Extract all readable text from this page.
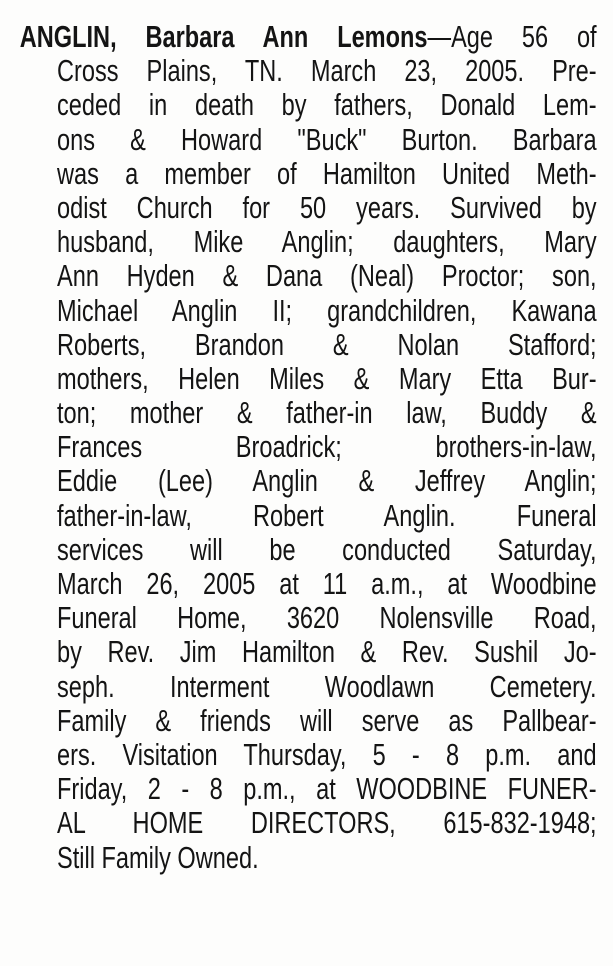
ANGLIN, Barbara Ann Lemons—Age 56 of
Cross Plains, TN. March 23, 2005. Pre-
ceded in death by fathers, Donald Lem-
ons & Howard "Buck" Burton. Barbara
was a member of Hamilton United Meth-
odist Church for 50 years. Survived by
husband, Mike Anglin; daughters, Mary
Ann Hyden & Dana (Neal) Proctor; son,
Michael Anglin II; grandchildren, Kawana
Roberts, Brandon & Nolan Stafford;
mothers, Helen Miles & Mary Etta Bur-
ton; mother & father-in law, Buddy &
Frances Broadrick; brothers-in-law,
Eddie (Lee) Anglin & Jeffrey Anglin;
father-in-law, Robert Anglin. Funeral
services will be conducted Saturday,
March 26, 2005 at 11 a.m., at Woodbine
Funeral Home, 3620 Nolensville Road,
by Rev. Jim Hamilton & Rev. Sushil Jo-
seph. Interment Woodlawn Cemetery.
Family & friends will serve as Pallbear-
ers. Visitation Thursday, 5 - 8 p.m. and
Friday, 2 - 8 p.m., at WOODBINE FUNER-
AL HOME DIRECTORS, 615-832-1948;
Still Family Owned.
